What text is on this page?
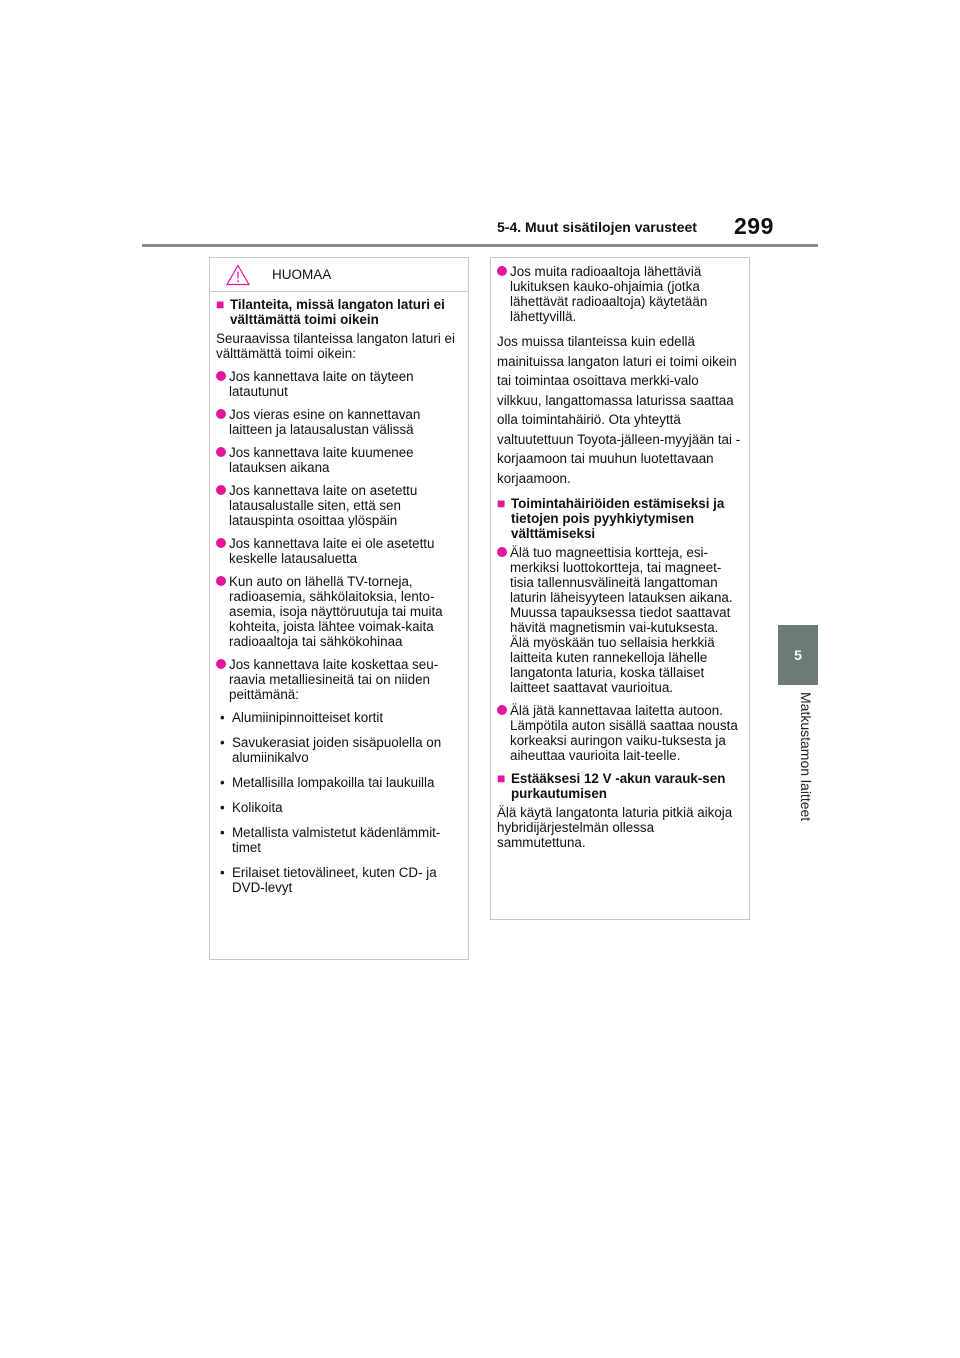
5-4. Muut sisätilojen varusteet 299
5
Matkustamon laitteet
HUOMAA
■ Tilanteita, missä langaton laturi ei välttämättä toimi oikein

Seuraavissa tilanteissa langaton laturi ei välttämättä toimi oikein:

Jos kannettava laite on täyteen latautunut
Jos vieras esine on kannettavan laitteen ja latausalustan välissä
Jos kannettava laite kuumenee latauksen aikana
Jos kannettava laite on asetettu latausalustalle siten, että sen latauspinta osoittaa ylöspäin
Jos kannettava laite ei ole asetettu keskelle latausaluetta
Kun auto on lähellä TV-torneja, radioasemia, sähkölaitoksia, lento-asemia, isoja näyttöruutuja tai muita kohteita, joista lähtee voimak-kaita radioaaltoja tai sähkökohinaa
Jos kannettava laite koskettaa seu-raavia metalliesineitä tai on niiden peittämänä:
• Alumiinipinnoitteiset kortit
• Savukerasiat joiden sisäpuolella on alumiinikalvo
• Metallisilla lompakoilla tai laukuilla
• Kolikoita
• Metallista valmistetut kädenlämmit-timet
• Erilaiset tietovälineet, kuten CD- ja DVD-levyt
Jos muita radioaaltoja lähettäviä lukituksen kauko-ohjaimia (jotka lähettävät radioaaltoja) käytetään lähettyvillä.

Jos muissa tilanteissa kuin edellä mainituissa langaton laturi ei toimi oikein tai toimintaa osoittava merkki-valo vilkkuu, langattomassa laturissa saattaa olla toimintahäiriö. Ota yhteyttä valtuutettuun Toyota-jälleen-myyjään tai -korjaamoon tai muuhun luotettavaan korjaamoon.

■ Toimintahäiriöiden estämiseksi ja tietojen pois pyyhkiytymisen välttämiseksi
Älä tuo magneettisia kortteja, esi-merkiksi luottokortteja, tai magneet-tisia tallennusvälineitä langattoman laturin läheisyyteen latauksen aikana. Muussa tapauksessa tiedot saattavat hävitä magnetismin vai-kutuksesta.
Älä myöskään tuo sellaisia herkkiä laitteita kuten rannekelloja lähelle langatonta laturia, koska tällaiset laitteet saattavat vaurioitua.
Älä jätä kannettavaa laitetta autoon. Lämpötila auton sisällä saattaa nousta korkeaksi auringon vaiku-tuksesta ja aiheuttaa vaurioita lait-teelle.
■ Estääksesi 12 V -akun varauk-sen purkautumisen

Älä käytä langatonta laturia pitkiä aikoja hybridijärjestelmän ollessa sammutettuna.
